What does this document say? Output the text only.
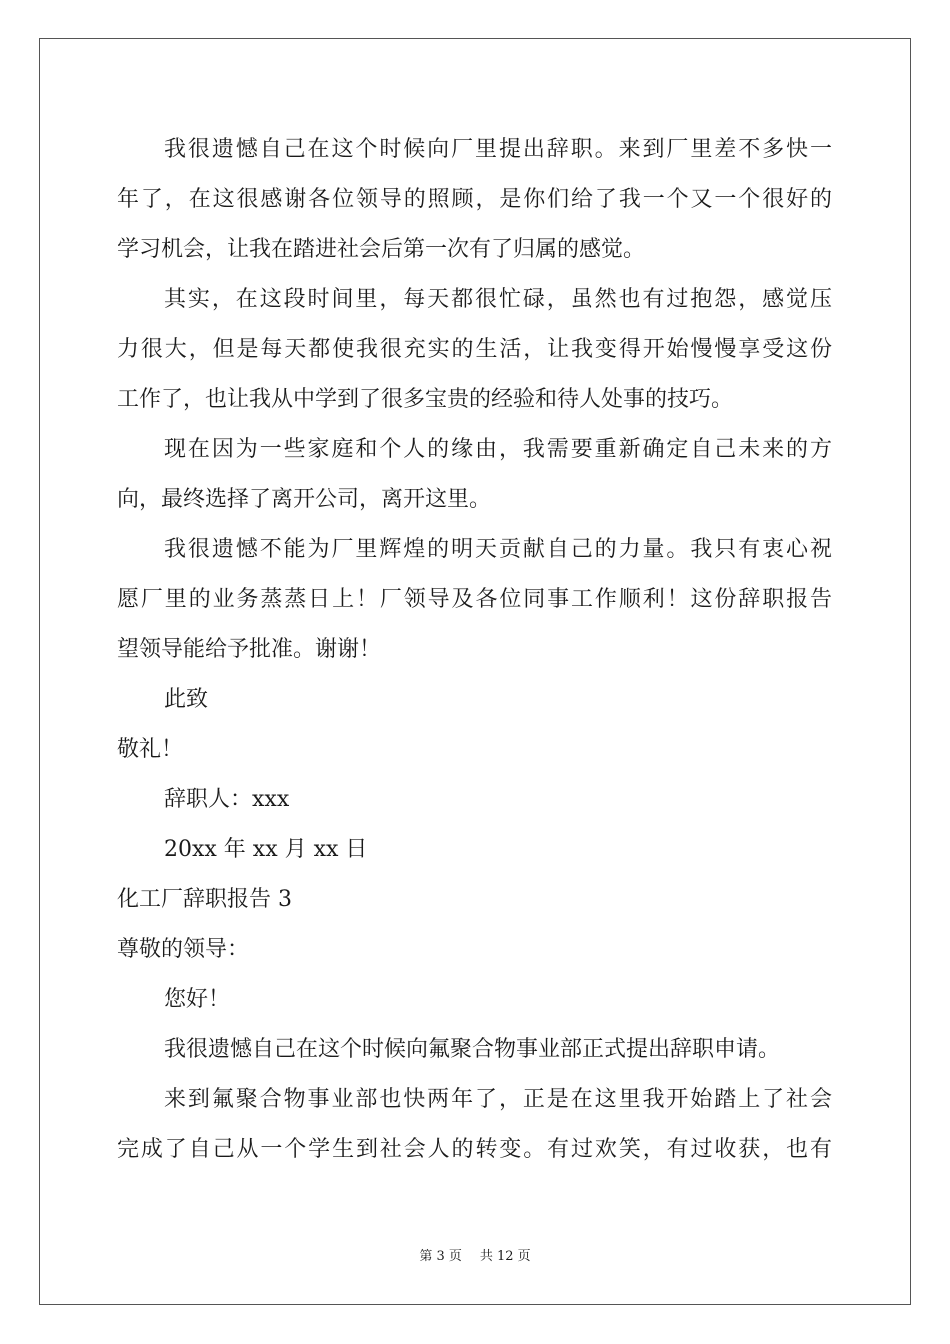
我很遗憾自己在这个时候向厂里提出辞职。来到厂里差不多快一
年了，在这很感谢各位领导的照顾，是你们给了我一个又一个很好的
学习机会，让我在踏进社会后第一次有了归属的感觉。
其实，在这段时间里，每天都很忙碌，虽然也有过抱怨，感觉压
力很大，但是每天都使我很充实的生活，让我变得开始慢慢享受这份
工作了，也让我从中学到了很多宝贵的经验和待人处事的技巧。
现在因为一些家庭和个人的缘由，我需要重新确定自己未来的方
向，最终选择了离开公司，离开这里。
我很遗憾不能为厂里辉煌的明天贡献自己的力量。我只有衷心祝
愿厂里的业务蒸蒸日上！厂领导及各位同事工作顺利！这份辞职报告
望领导能给予批准。谢谢！
此致
敬礼！
辞职人：xxx
20xx 年 xx 月 xx 日
化工厂辞职报告 3
尊敬的领导：
您好！
我很遗憾自己在这个时候向氟聚合物事业部正式提出辞职申请。
来到氟聚合物事业部也快两年了，正是在这里我开始踏上了社会
完成了自己从一个学生到社会人的转变。有过欢笑，有过收获，也有
第 3 页 共 12 页
